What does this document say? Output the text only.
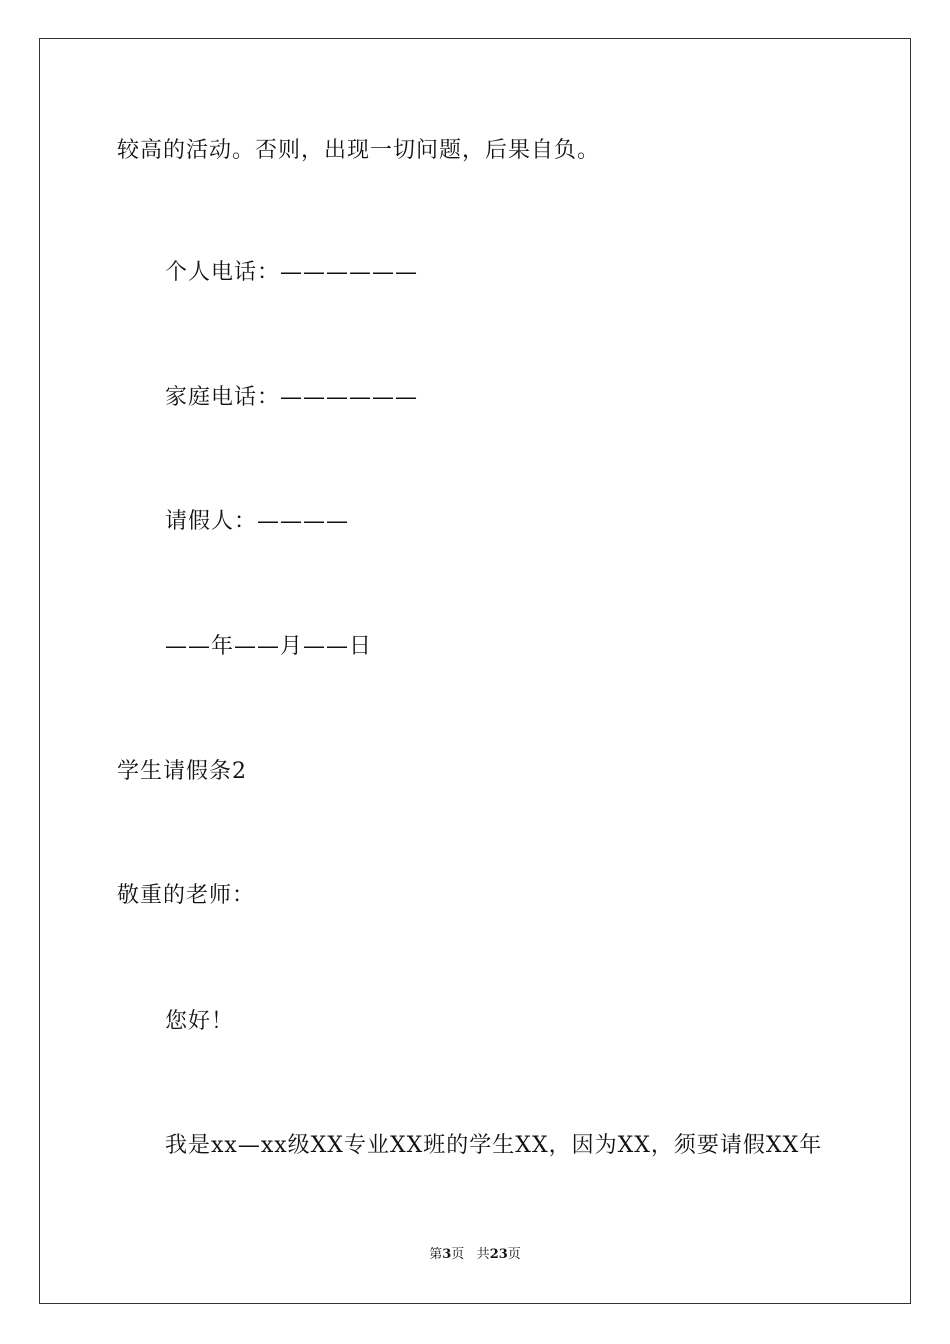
较高的活动。否则，出现一切问题，后果自负。
个人电话：——————
家庭电话：——————
请假人：————
——年——月——日
学生请假条2
敬重的老师：
您好！
我是xx—xx级XX专业XX班的学生XX，因为XX，须要请假XX年
第3页 共23页
